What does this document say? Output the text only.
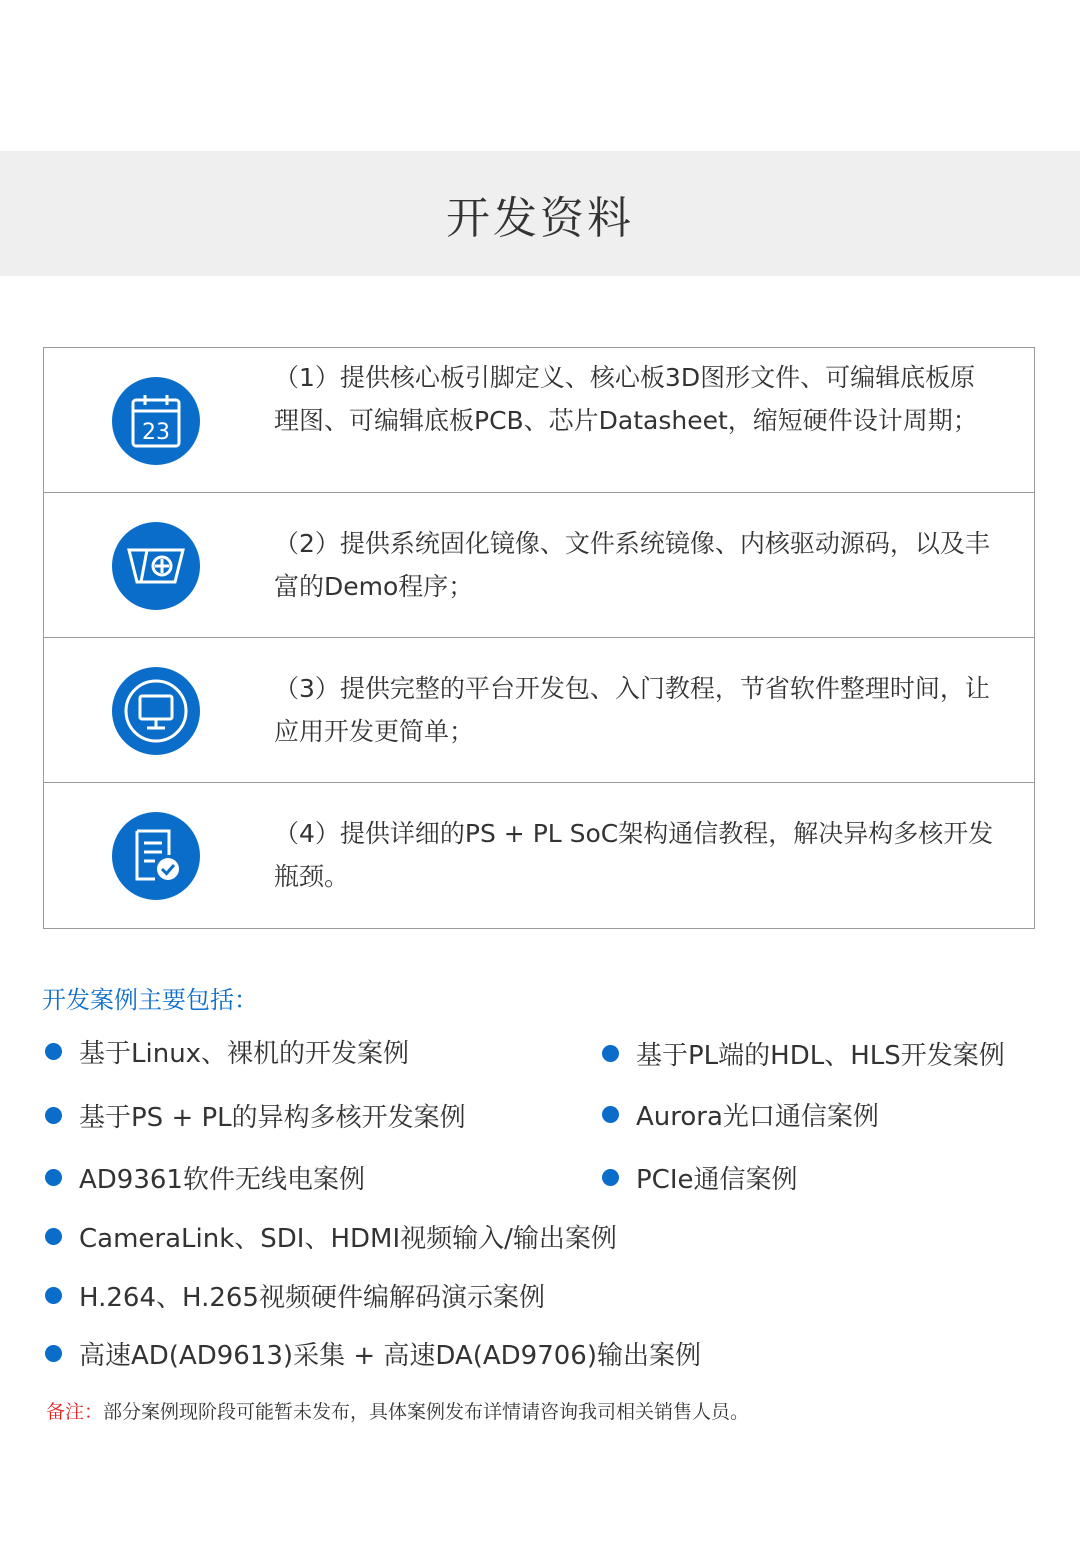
开发资料
23

（1）提供核心板引脚定义、核心板3D图形文件、可编辑底板原理图、可编辑底板PCB、芯片Datasheet，缩短硬件设计周期；

（2）提供系统固化镜像、文件系统镜像、内核驱动源码，以及丰富的Demo程序；

（3）提供完整的平台开发包、入门教程，节省软件整理时间，让应用开发更简单；

（4）提供详细的PS + PL SoC架构通信教程，解决异构多核开发瓶颈。

开发案例主要包括：
基于Linux、裸机的开发案例	基于PL端的HDL、HLS开发案例
基于PS + PL的异构多核开发案例	Aurora光口通信案例
AD9361软件无线电案例	PCIe通信案例
CameraLink、SDI、HDMI视频输入/输出案例
H.264、H.265视频硬件编解码演示案例
高速AD(AD9613)采集 + 高速DA(AD9706)输出案例
备注：部分案例现阶段可能暂未发布，具体案例发布详情请咨询我司相关销售人员。
